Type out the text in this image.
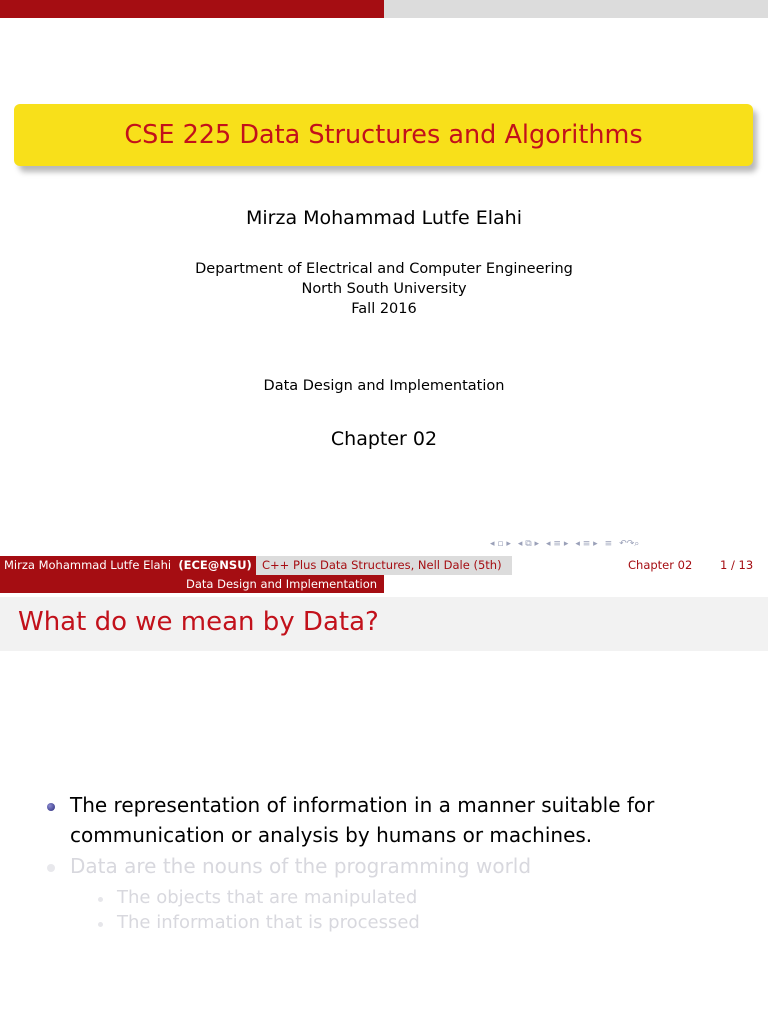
CSE 225 Data Structures and Algorithms
Mirza Mohammad Lutfe Elahi
Department of Electrical and Computer Engineering
North South University
Fall 2016
Data Design and Implementation
Chapter 02
◂ ▫ ▸ ◂ ⧉ ▸ ◂ ≡ ▸ ◂ ≡ ▸ ≡ ↶↷⌕
Mirza Mohammad Lutfe Elahi (ECE@NSU) C++ Plus Data Structures, Nell Dale (5th)	Chapter 02 1 / 13
Data Design and Implementation
What do we mean by Data?
The representation of information in a manner suitable for
communication or analysis by humans or machines.
Data are the nouns of the programming world
The objects that are manipulated
The information that is processed
